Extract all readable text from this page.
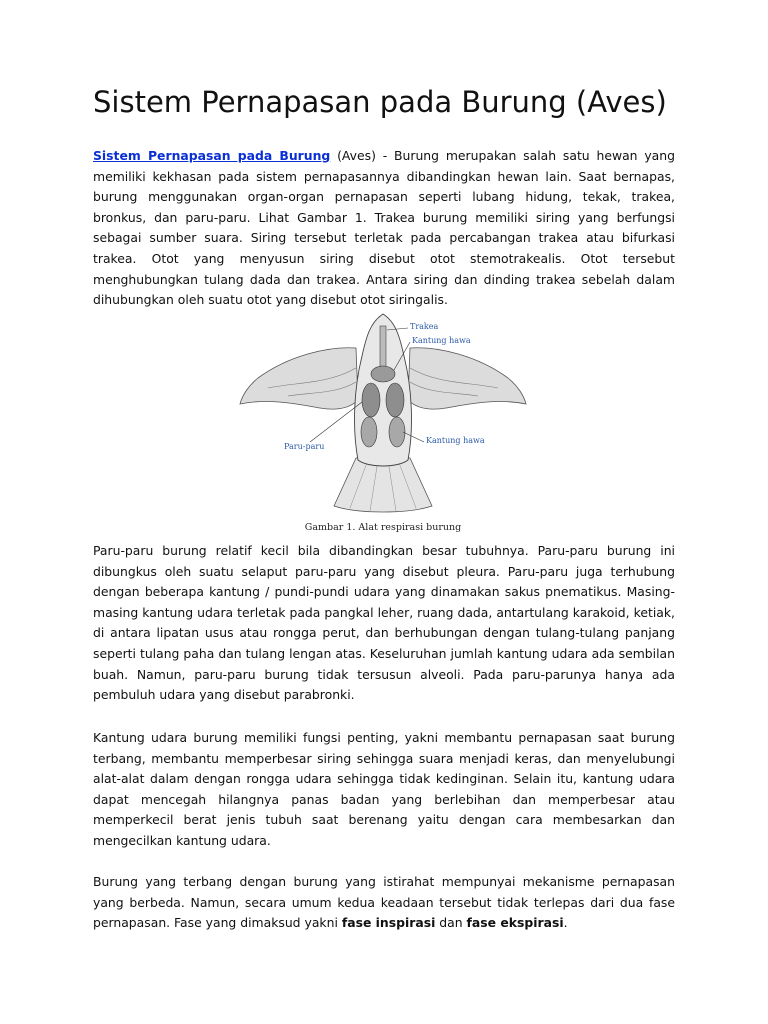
Sistem Pernapasan pada Burung (Aves)

Sistem Pernapasan pada Burung (Aves) - Burung merupakan salah satu hewan yang memiliki kekhasan pada sistem pernapasannya dibandingkan hewan lain. Saat bernapas, burung menggunakan organ-organ pernapasan seperti lubang hidung, tekak, trakea, bronkus, dan paru-paru. Lihat Gambar 1. Trakea burung memiliki siring yang berfungsi sebagai sumber suara. Siring tersebut terletak pada percabangan trakea atau bifurkasi trakea. Otot yang menyusun siring disebut otot stemotrakealis. Otot tersebut menghubungkan tulang dada dan trakea. Antara siring dan dinding trakea sebelah dalam dihubungkan oleh suatu otot yang disebut otot siringalis.

Trakea
Kantung hawa
Paru-paru
Kantung hawa
Gambar 1. Alat respirasi burung

Paru-paru burung relatif kecil bila dibandingkan besar tubuhnya. Paru-paru burung ini dibungkus oleh suatu selaput paru-paru yang disebut pleura. Paru-paru juga terhubung dengan beberapa kantung / pundi-pundi udara yang dinamakan sakus pnematikus. Masing-masing kantung udara terletak pada pangkal leher, ruang dada, antartulang karakoid, ketiak, di antara lipatan usus atau rongga perut, dan berhubungan dengan tulang-tulang panjang seperti tulang paha dan tulang lengan atas. Keseluruhan jumlah kantung udara ada sembilan buah. Namun, paru-paru burung tidak tersusun alveoli. Pada paru-parunya hanya ada pembuluh udara yang disebut parabronki.

Kantung udara burung memiliki fungsi penting, yakni membantu pernapasan saat burung terbang, membantu memperbesar siring sehingga suara menjadi keras, dan menyelubungi alat-alat dalam dengan rongga udara sehingga tidak kedinginan. Selain itu, kantung udara dapat mencegah hilangnya panas badan yang berlebihan dan memperbesar atau memperkecil berat jenis tubuh saat berenang yaitu dengan cara membesarkan dan mengecilkan kantung udara.

Burung yang terbang dengan burung yang istirahat mempunyai mekanisme pernapasan yang berbeda. Namun, secara umum kedua keadaan tersebut tidak terlepas dari dua fase pernapasan. Fase yang dimaksud yakni fase inspirasi dan fase ekspirasi.
